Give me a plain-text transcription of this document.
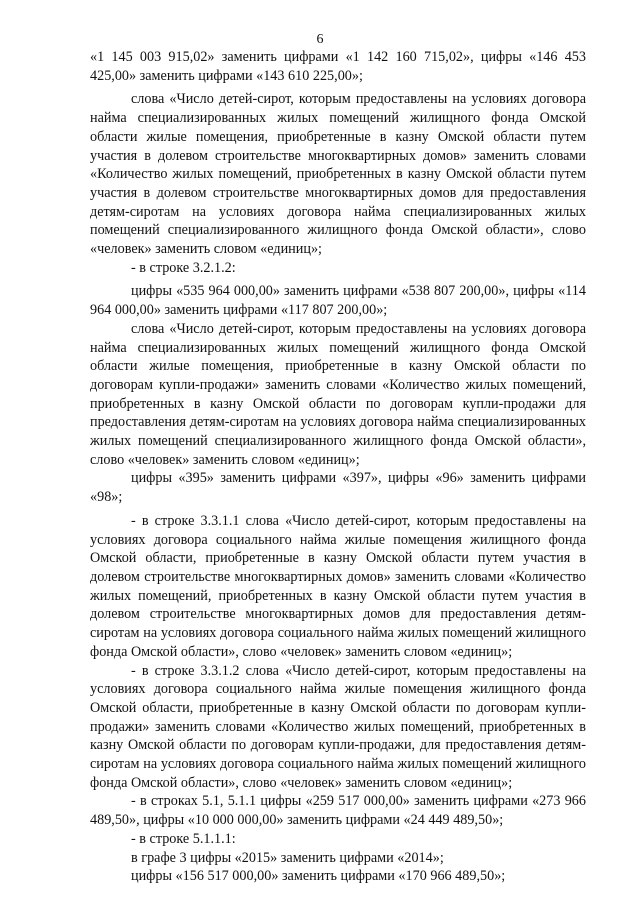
6

«1 145 003 915,02» заменить цифрами «1 142 160 715,02», цифры «146 453 425,00» заменить цифрами «143 610 225,00»;

слова «Число детей-сирот, которым предоставлены на условиях договора найма специализированных жилых помещений жилищного фонда Омской области жилые помещения, приобретенные в казну Омской области путем участия в долевом строительстве многоквартирных домов» заменить словами «Количество жилых помещений, приобретенных в казну Омской области путем участия в долевом строительстве многоквартирных домов для предоставления детям-сиротам на условиях договора найма специализированных жилых помещений специализированного жилищного фонда Омской области», слово «человек» заменить словом «единиц»;

- в строке 3.2.1.2:

цифры «535 964 000,00» заменить цифрами «538 807 200,00», цифры «114 964 000,00» заменить цифрами «117 807 200,00»;

слова «Число детей-сирот, которым предоставлены на условиях договора найма специализированных жилых помещений жилищного фонда Омской области жилые помещения, приобретенные в казну Омской области по договорам купли-продажи» заменить словами «Количество жилых помещений, приобретенных в казну Омской области по договорам купли-продажи для предоставления детям-сиротам на условиях договора найма специализированных жилых помещений специализированного жилищного фонда Омской области», слово «человек» заменить словом «единиц»;

цифры «395» заменить цифрами «397», цифры «96» заменить цифрами «98»;

- в строке 3.3.1.1 слова «Число детей-сирот, которым предоставлены на условиях договора социального найма жилые помещения жилищного фонда Омской области, приобретенные в казну Омской области путем участия в долевом строительстве многоквартирных домов» заменить словами «Количество жилых помещений, приобретенных в казну Омской области путем участия в долевом строительстве многоквартирных домов для предоставления детям-сиротам на условиях договора социального найма жилых помещений жилищного фонда Омской области», слово «человек» заменить словом «единиц»;

- в строке 3.3.1.2 слова «Число детей-сирот, которым предоставлены на условиях договора социального найма жилые помещения жилищного фонда Омской области, приобретенные в казну Омской области по договорам купли-продажи» заменить словами «Количество жилых помещений, приобретенных в казну Омской области по договорам купли-продажи, для предоставления детям-сиротам на условиях договора социального найма жилых помещений жилищного фонда Омской области», слово «человек» заменить словом «единиц»;

- в строках 5.1, 5.1.1 цифры «259 517 000,00» заменить цифрами «273 966 489,50», цифры «10 000 000,00» заменить цифрами «24 449 489,50»;

- в строке 5.1.1.1:

в графе 3 цифры «2015» заменить цифрами «2014»;

цифры «156 517 000,00» заменить цифрами «170 966 489,50»;
